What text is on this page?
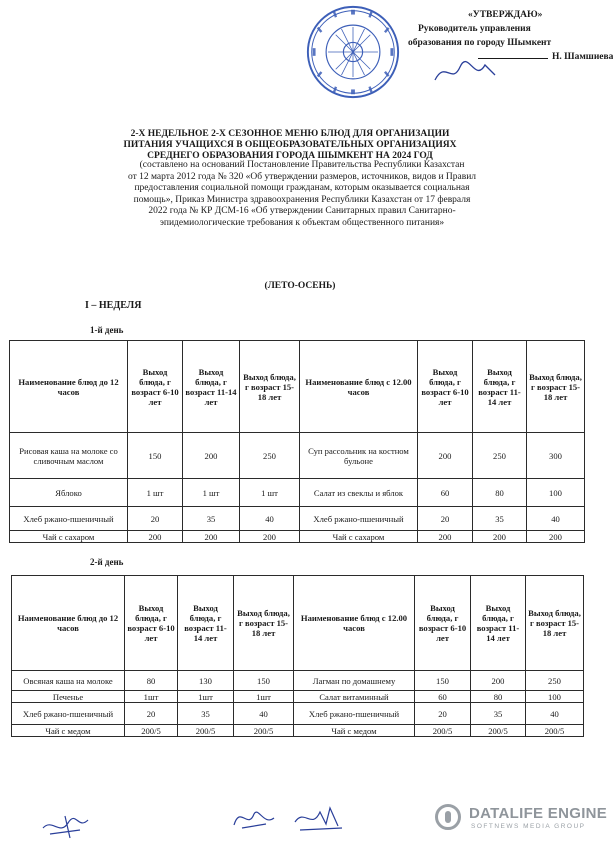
«УТВЕРЖДАЮ»
Руководитель управления
образования по городу Шымкент
Н. Шамшиева
2-Х НЕДЕЛЬНОЕ 2-Х СЕЗОННОЕ МЕНЮ БЛЮД ДЛЯ ОРГАНИЗАЦИИ
ПИТАНИЯ УЧАЩИХСЯ В ОБЩЕОБРАЗОВАТЕЛЬНЫХ ОРГАНИЗАЦИЯХ
СРЕДНЕГО ОБРАЗОВАНИЯ ГОРОДА ШЫМКЕНТ НА 2024 ГОД
(составлено на оснований Постановление Правительства Республики Казахстан
от 12 марта 2012 года № 320 «Об утверждении размеров, источников, видов и Правил
предоставления социальной помощи гражданам, которым оказывается социальная
помощь», Приказ Министра здравоохранения Республики Казахстан от 17 февраля
2022 года № КР ДСМ-16 «Об утверждении Санитарных правил Санитарно-
эпидемиологические требования к объектам общественного питания»
(ЛЕТО-ОСЕНЬ)
I – НЕДЕЛЯ
1-й день
Наименование блюд до 12 часов	Выход блюда, г возраст 6-10 лет	Выход блюда, г возраст 11-14 лет	Выход блюда, г возраст 15-18 лет	Наименование блюд с 12.00 часов	Выход блюда, г возраст 6-10 лет	Выход блюда, г возраст 11-14 лет	Выход блюда, г возраст 15-18 лет
Рисовая каша на молоке со сливочным маслом	150	200	250	Суп рассольник на костном бульоне	200	250	300
Яблоко	1 шт	1 шт	1 шт	Салат из свеклы и яблок	60	80	100
Хлеб ржано-пшеничный	20	35	40	Хлеб ржано-пшеничный	20	35	40
Чай с сахаром	200	200	200	Чай с сахаром	200	200	200
2-й день
Наименование блюд до 12 часов	Выход блюда, г возраст 6-10 лет	Выход блюда, г возраст 11-14 лет	Выход блюда, г возраст 15-18 лет	Наименование блюд с 12.00 часов	Выход блюда, г возраст 6-10 лет	Выход блюда, г возраст 11-14 лет	Выход блюда, г возраст 15-18 лет
Овсяная каша на молоке	80	130	150	Лагман по домашнему	150	200	250
Печенье	1шт	1шт	1шт	Салат витаминный	60	80	100
Хлеб ржано-пшеничный	20	35	40	Хлеб ржано-пшеничный	20	35	40
Чай с медом	200/5	200/5	200/5	Чай с медом	200/5	200/5	200/5
DATALIFE ENGINE
SOFTNEWS MEDIA GROUP
